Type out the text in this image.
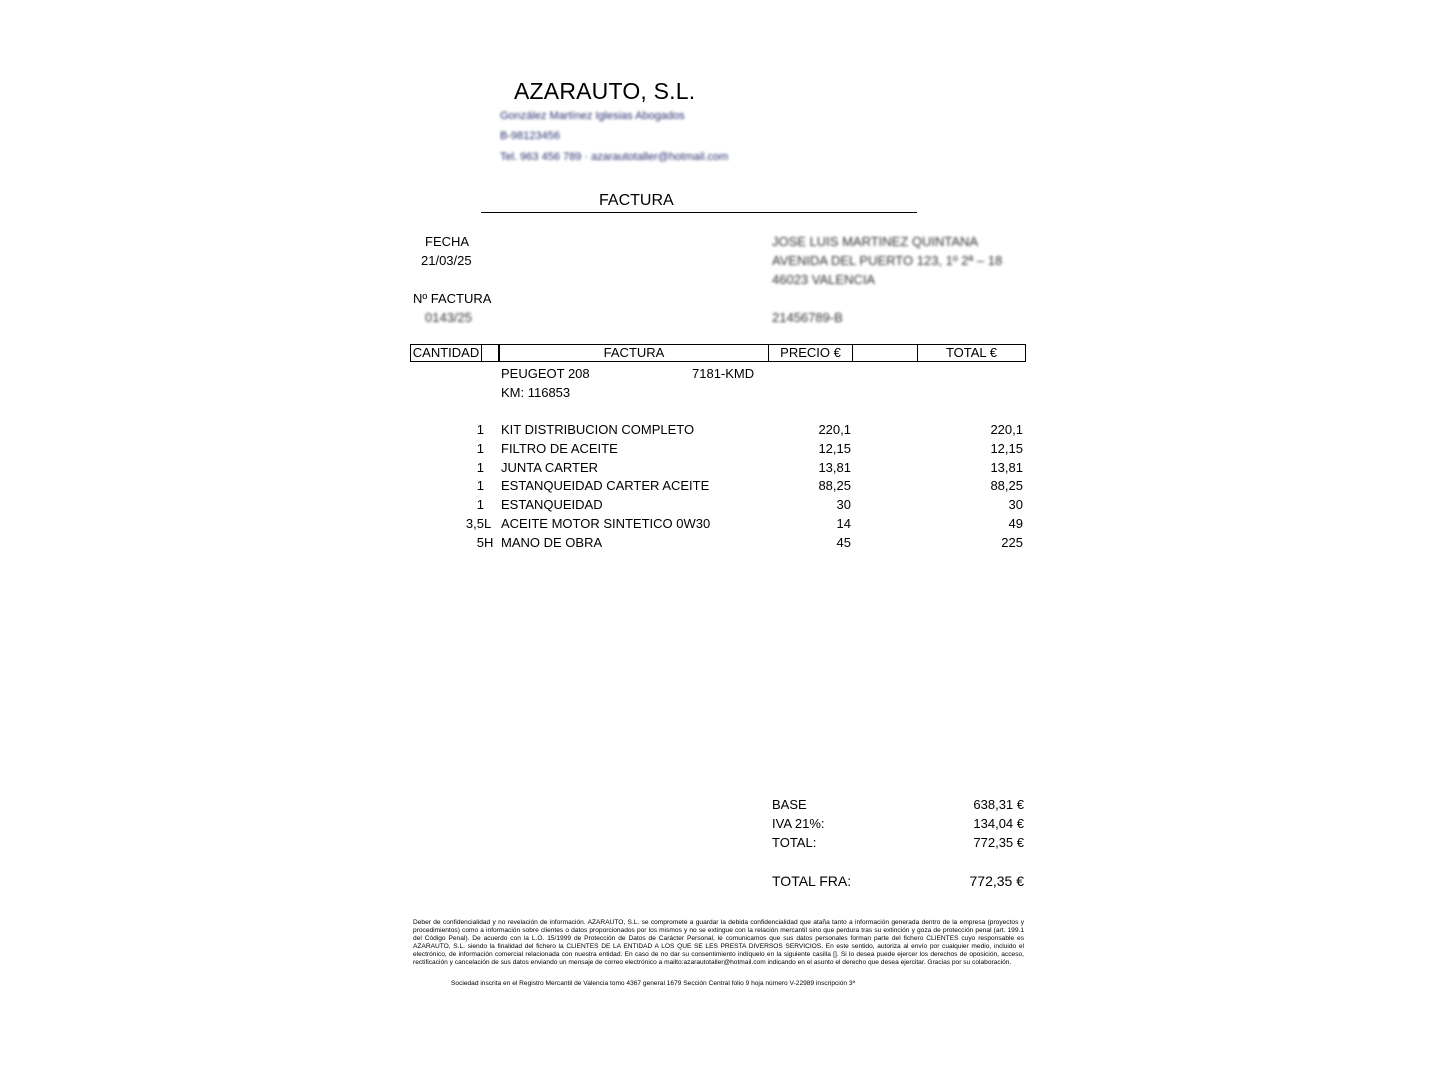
AZARAUTO, S.L.
González Martínez Iglesias Abogados
B-98123456
Tel. 963 456 789 · azarautotaller@hotmail.com
FACTURA
FECHA
21/03/25
Nº FACTURA
0143/25
JOSE LUIS MARTINEZ QUINTANA
AVENIDA DEL PUERTO 123, 1º 2ª – 18
46023 VALENCIA
21456789-B
CANTIDAD	FACTURA	PRECIO €	TOTAL €
PEUGEOT 208	7181-KMD
KM: 116853
1 KIT DISTRIBUCION COMPLETO	220,1	220,1
1 FILTRO DE ACEITE	12,15	12,15
1 JUNTA CARTER	13,81	13,81
1 ESTANQUEIDAD CARTER ACEITE	88,25	88,25
1 ESTANQUEIDAD	30	30
3,5 L ACEITE MOTOR SINTETICO 0W30	14	49
5 H MANO DE OBRA	45	225
BASE	638,31 €
IVA 21%:	134,04 €
TOTAL:	772,35 €
TOTAL FRA:	772,35 €
Deber de confidencialidad y no revelación de información. AZARAUTO, S.L. se compromete a guardar la debida confidencialidad que ataña tanto a información generada dentro de la empresa (proyectos y procedimientos) como a información sobre clientes o datos proporcionados por los mismos y no se extingue con la relación mercantil sino que perdura tras su extinción y goza de protección penal (art. 199.1 del Código Penal). De acuerdo con la L.O. 15/1999 de Protección de Datos de Carácter Personal, le comunicamos que sus datos personales forman parte del fichero CLIENTES cuyo responsable es AZARAUTO, S.L. siendo la finalidad del fichero la CLIENTES DE LA ENTIDAD A LOS QUE SE LES PRESTA DIVERSOS SERVICIOS. En este sentido, autoriza al envío por cualquier medio, incluido el electrónico, de información comercial relacionada con nuestra entidad. En caso de no dar su consentimiento indíquelo en la siguiente casilla []. Si lo desea puede ejercer los derechos de oposición, acceso, rectificación y cancelación de sus datos enviando un mensaje de correo electrónico a mailto:azarautotaller@hotmail.com indicando en el asunto el derecho que desea ejercitar. Gracias por su colaboración.
Sociedad inscrita en el Registro Mercantil de Valencia tomo 4367 general 1679 Sección Central folio 9 hoja número V-22989 inscripción 3ª
